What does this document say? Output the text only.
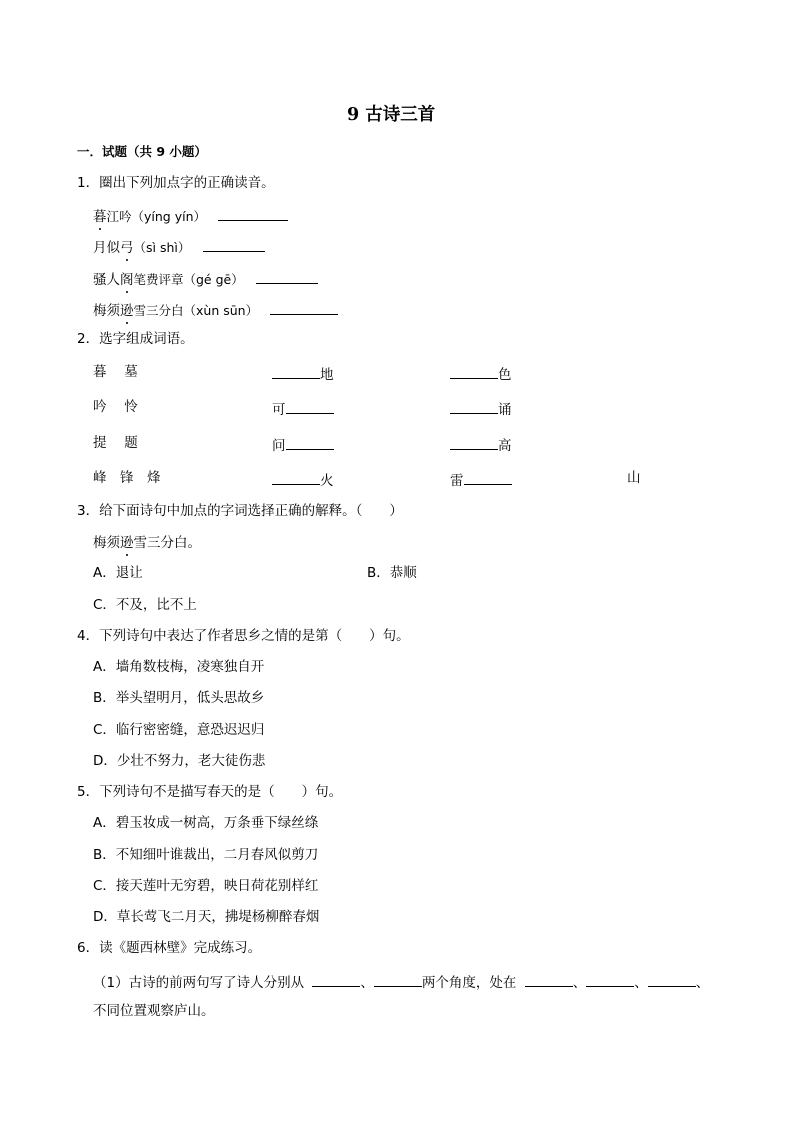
9 古诗三首
一．试题（共 9 小题）
1．圈出下列加点字的正确读音。
暮江吟（yíng yín）
月似弓（sì shì）
骚人阁笔费评章（gé gē）
梅须逊雪三分白（xùn sūn）
2．选字组成词语。
暮　 墓	地	色
吟　 怜	可	诵
提　 题	问	高
峰　锋　烽	火	雷	山
3．给下面诗句中加点的字词选择正确的解释。（　　）
梅须逊雪三分白。
A．退让	B．恭顺
C．不及，比不上
4．下列诗句中表达了作者思乡之情的是第（　　）句。
A．墙角数枝梅，凌寒独自开
B．举头望明月，低头思故乡
C．临行密密缝，意恐迟迟归
D．少壮不努力，老大徒伤悲
5．下列诗句不是描写春天的是（　　）句。
A．碧玉妆成一树高，万条垂下绿丝绦
B．不知细叶谁裁出，二月春风似剪刀
C．接天莲叶无穷碧，映日荷花别样红
D．草长莺飞二月天，拂堤杨柳醉春烟
6．读《题西林壁》完成练习。
（1）古诗的前两句写了诗人分别从	、	两个角度，处在	、	、	、
不同位置观察庐山。
